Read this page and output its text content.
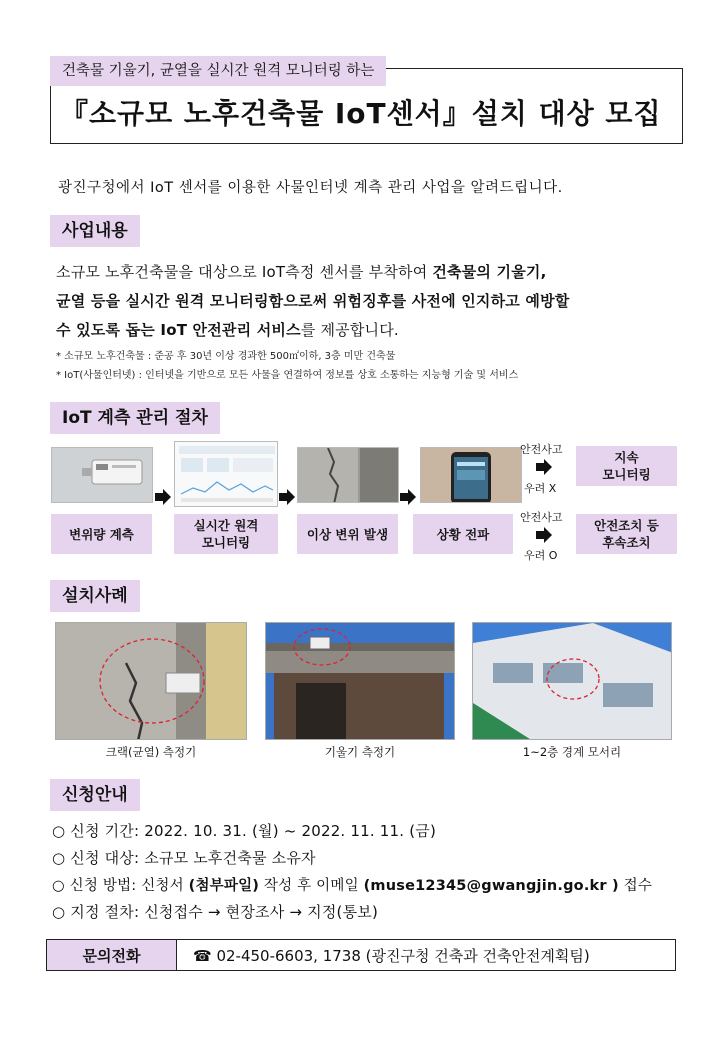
건축물 기울기, 균열을 실시간 원격 모니터링 하는
『소규모 노후건축물 IoT센서』설치 대상 모집
광진구청에서 IoT 센서를 이용한 사물인터넷 계측 관리 사업을 알려드립니다.
사업내용
소규모 노후건축물을 대상으로 IoT측정 센서를 부착하여 건축물의 기울기,
균열 등을 실시간 원격 모니터링함으로써 위험징후를 사전에 인지하고 예방할
수 있도록 돕는 IoT 안전관리 서비스를 제공합니다.
* 소규모 노후건축물 : 준공 후 30년 이상 경과한 500㎡이하, 3층 미만 건축물
* IoT(사물인터넷) : 인터넷을 기반으로 모든 사물을 연결하여 정보를 상호 소통하는 지능형 기술 및 서비스
IoT 계측 관리 절차
변위량 계측
실시간 원격
모니터링
이상 변위 발생	상황 전파
안전사고
우려 X
지속
모니터링
안전사고
우려 O
안전조치 등
후속조치
설치사례
크랙(균열) 측정기	기울기 측정기	1~2층 경계 모서리
신청안내
○ 신청 기간: 2022. 10. 31. (월) ~ 2022. 11. 11. (금)
○ 신청 대상: 소규모 노후건축물 소유자
○ 신청 방법: 신청서 (첨부파일) 작성 후 이메일 (muse12345@gwangjin.go.kr ) 접수
○ 지정 절차: 신청접수 → 현장조사 → 지정(통보)
문의전화	☎ 02-450-6603, 1738 (광진구청 건축과 건축안전계획팀)
